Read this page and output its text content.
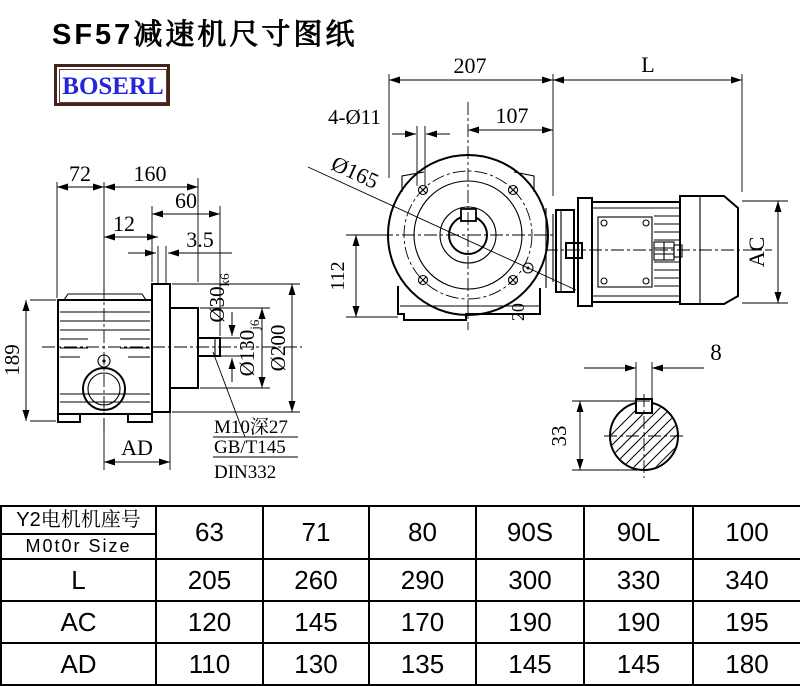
SF57减速机尺寸图纸
BOSERL
72 160
60
12
3.5
189
AD
$Ø30_{k6}$
$Ø130_{j6}$ Ø200
M10深27
GB/T145
DIN332
207	L
107
4-Ø11
Ø165
112
20
AC
8
33
Y2电机机座号
M0t0r Size	63	71	80	90S	90L	100
L	205	260	290	300	330	340
AC	120	145	170	190	190	195
AD	110	130	135	145	145	180
